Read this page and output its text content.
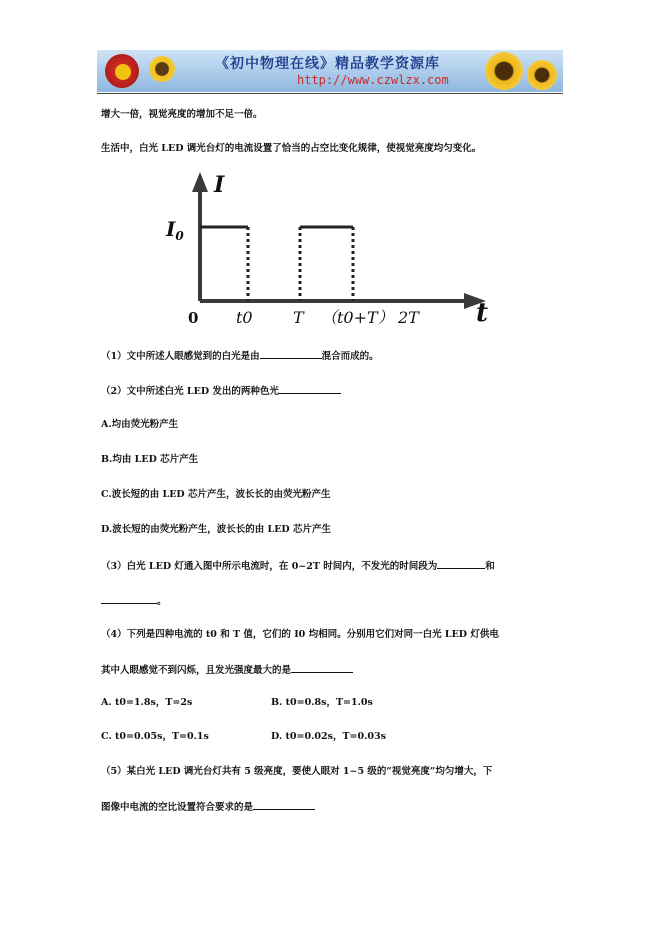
《初中物理在线》精品教学资源库
http://www.czwlzx.com
增大一倍，视觉亮度的增加不足一倍。
生活中，白光 LED 调光台灯的电流设置了恰当的占空比变化规律，使视觉亮度均匀变化。
I
t
$I_0$
0 t0	T （t0+T） 2T
（1）文中所述人眼感觉到的白光是由	混合而成的。
（2）文中所述白光 LED 发出的两种色光
A.均由荧光粉产生
B.均由 LED 芯片产生
C.波长短的由 LED 芯片产生，波长长的由荧光粉产生
D.波长短的由荧光粉产生，波长长的由 LED 芯片产生
（3）白光 LED 灯通入图中所示电流时，在 0~2T 时间内，不发光的时间段为	和
。
（4）下列是四种电流的 t0 和 T 值，它们的 I0 均相同。分别用它们对同一白光 LED 灯供电
其中人眼感觉不到闪烁，且发光强度最大的是
A. t0=1.8s，T=2s	B. t0=0.8s，T=1.0s
C. t0=0.05s，T=0.1s	D. t0=0.02s，T=0.03s
（5）某白光 LED 调光台灯共有 5 级亮度，要使人眼对 1~5 级的“视觉亮度”均匀增大，下
图像中电流的空比设置符合要求的是
